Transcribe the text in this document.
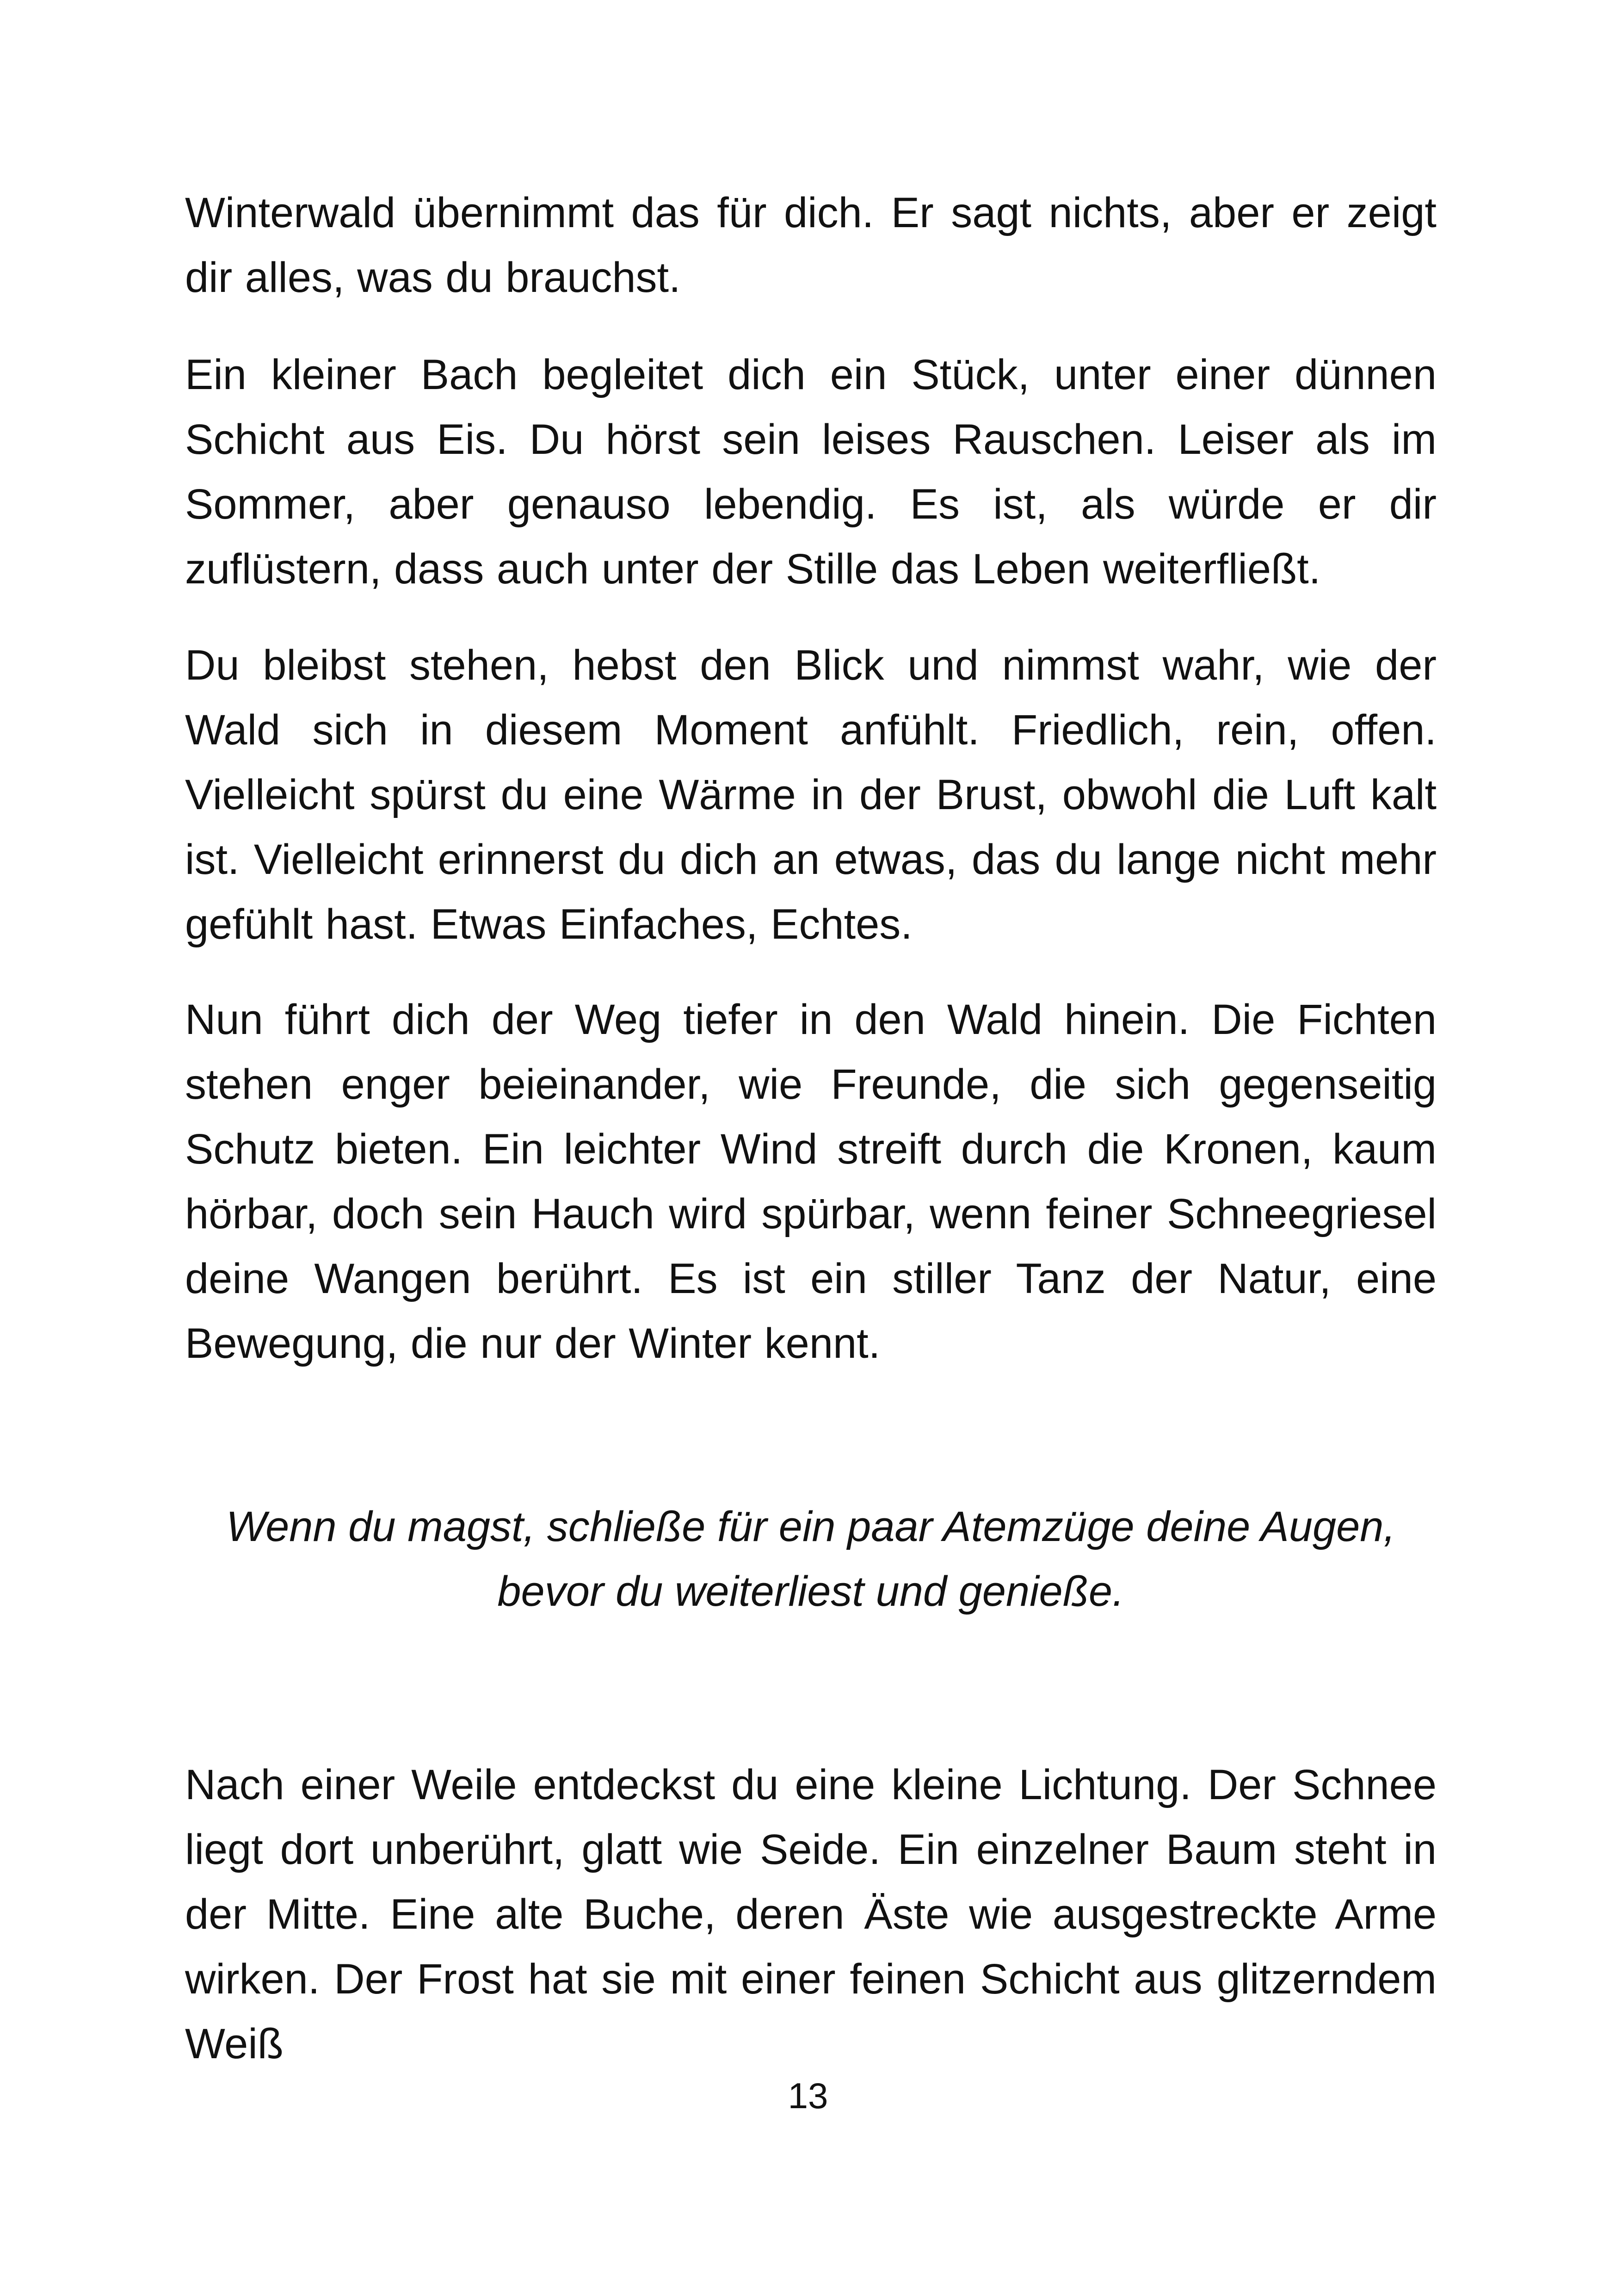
Winterwald übernimmt das für dich. Er sagt nichts, aber er zeigt dir alles, was du brauchst.

Ein kleiner Bach begleitet dich ein Stück, unter einer dünnen Schicht aus Eis. Du hörst sein leises Rauschen. Leiser als im Sommer, aber genauso lebendig. Es ist, als würde er dir zuflüstern, dass auch unter der Stille das Leben weiterfließt.

Du bleibst stehen, hebst den Blick und nimmst wahr, wie der Wald sich in diesem Moment anfühlt. Friedlich, rein, offen. Vielleicht spürst du eine Wärme in der Brust, obwohl die Luft kalt ist. Vielleicht erinnerst du dich an etwas, das du lange nicht mehr gefühlt hast. Etwas Einfaches, Echtes.

Nun führt dich der Weg tiefer in den Wald hinein. Die Fichten stehen enger beieinander, wie Freunde, die sich gegenseitig Schutz bieten. Ein leichter Wind streift durch die Kronen, kaum hörbar, doch sein Hauch wird spürbar, wenn feiner Schneegriesel deine Wangen berührt. Es ist ein stiller Tanz der Natur, eine Bewegung, die nur der Winter kennt.

Wenn du magst, schließe für ein paar Atemzüge deine Augen,
bevor du weiterliest und genieße.

Nach einer Weile entdeckst du eine kleine Lichtung. Der Schnee liegt dort unberührt, glatt wie Seide. Ein einzelner Baum steht in der Mitte. Eine alte Buche, deren Äste wie ausgestreckte Arme wirken. Der Frost hat sie mit einer feinen Schicht aus glitzerndem Weiß

13
